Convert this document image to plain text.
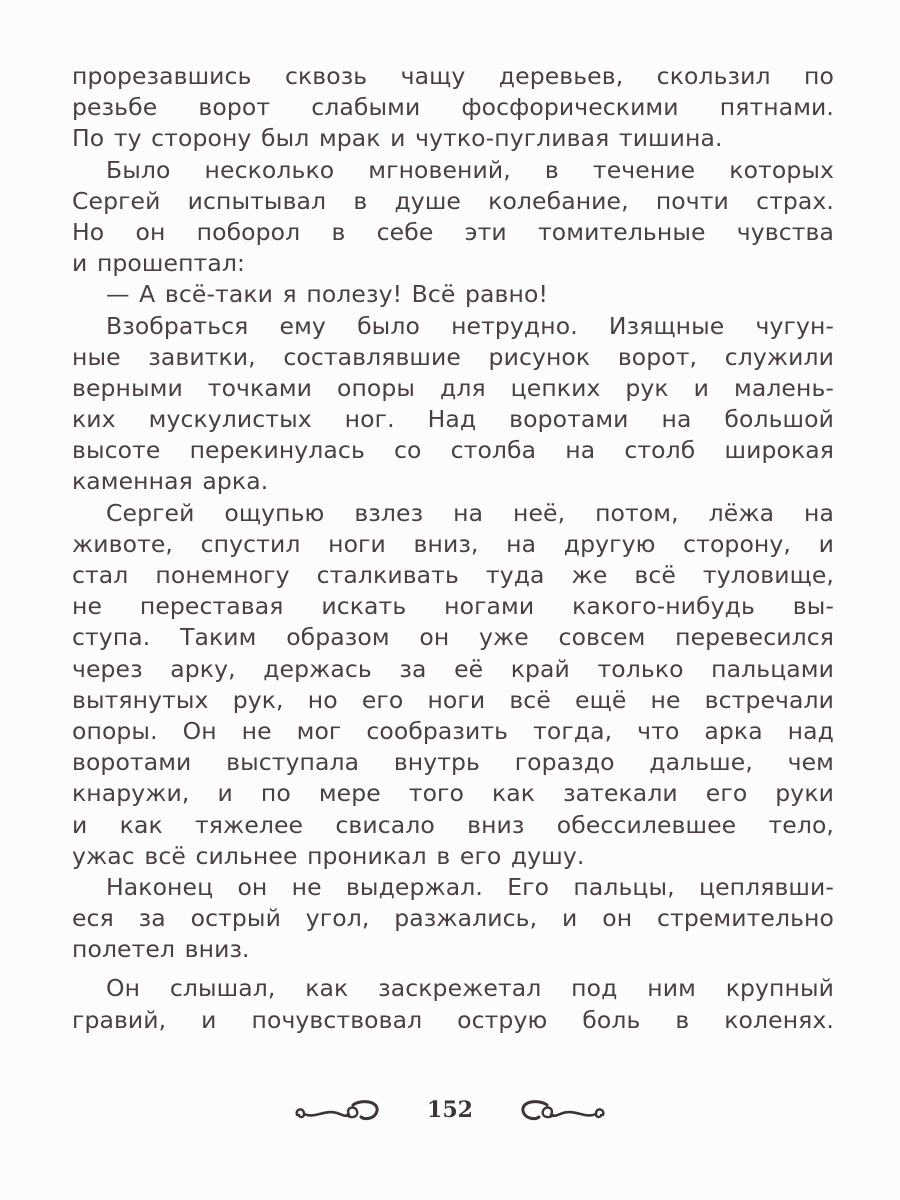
прорезавшись сквозь чащу деревьев, скользил по
резьбе ворот слабыми фосфорическими пятнами.
По ту сторону был мрак и чутко-пугливая тишина.
Было несколько мгновений, в течение которых
Сергей испытывал в душе колебание, почти страх.
Но он поборол в себе эти томительные чувства
и прошептал:
— А всё-таки я полезу! Всё равно!
Взобраться ему было нетрудно. Изящные чугун-
ные завитки, составлявшие рисунок ворот, служили
верными точками опоры для цепких рук и малень-
ких мускулистых ног. Над воротами на большой
высоте перекинулась со столба на столб широкая
каменная арка.
Сергей ощупью взлез на неё, потом, лёжа на
животе, спустил ноги вниз, на другую сторону, и
стал понемногу сталкивать туда же всё туловище,
не переставая искать ногами какого-нибудь вы-
ступа. Таким образом он уже совсем перевесился
через арку, держась за её край только пальцами
вытянутых рук, но его ноги всё ещё не встречали
опоры. Он не мог сообразить тогда, что арка над
воротами выступала внутрь гораздо дальше, чем
кнаружи, и по мере того как затекали его руки
и как тяжелее свисало вниз обессилевшее тело,
ужас всё сильнее проникал в его душу.
Наконец он не выдержал. Его пальцы, цеплявши-
еся за острый угол, разжались, и он стремительно
полетел вниз.
Он слышал, как заскрежетал под ним крупный
гравий, и почувствовал острую боль в коленях.
152
